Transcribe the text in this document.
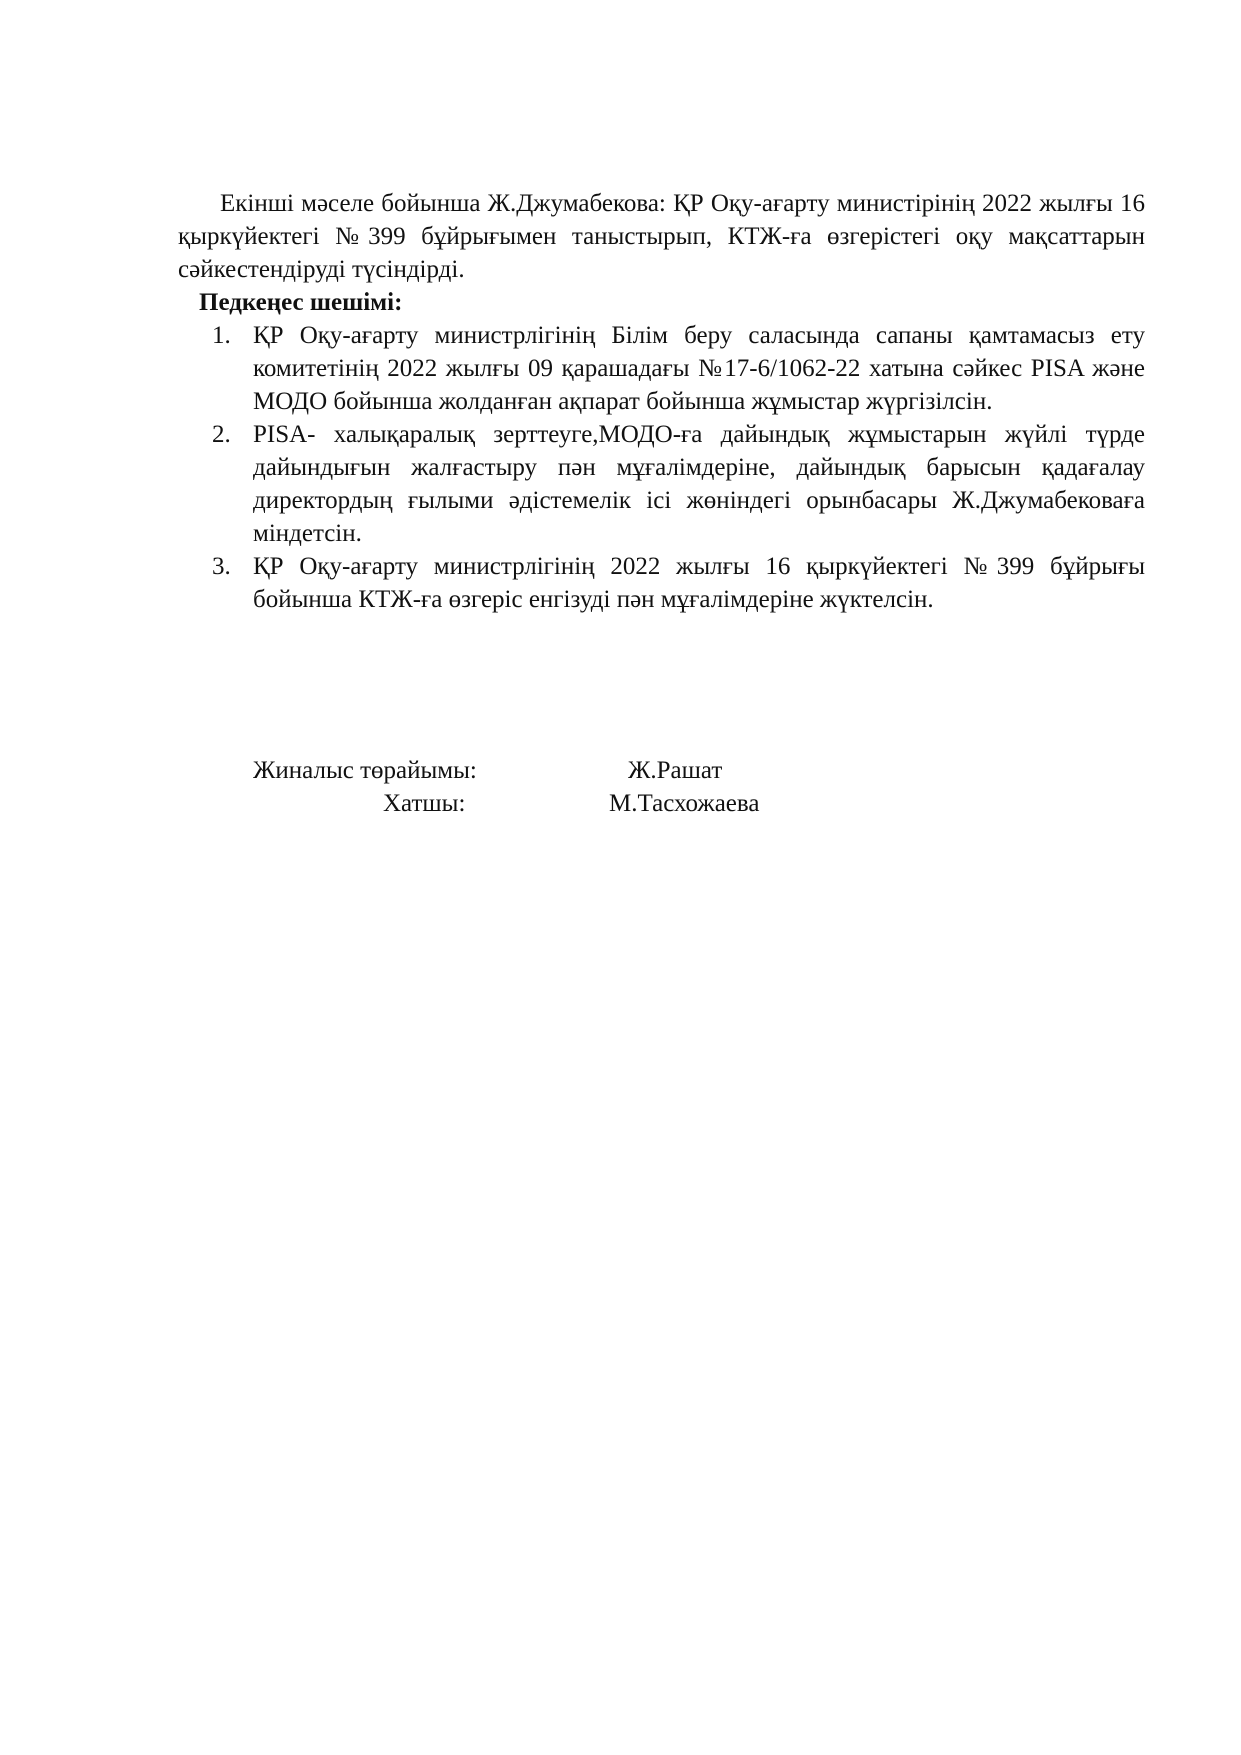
Екінші мәселе бойынша Ж.Джумабекова: ҚР Оқу-ағарту министірінің 2022 жылғы 16 қыркүйектегі №399 бұйрығымен таныстырып, КТЖ-ға өзгерістегі оқу мақсаттарын сәйкестендіруді түсіндірді.

Педкеңес шешімі:

1. ҚР Оқу-ағарту министрлігінің Білім беру саласында сапаны қамтамасыз ету комитетінің 2022 жылғы 09 қарашадағы №17-6/1062-22 хатына сәйкес PISA және МОДО бойынша жолданған ақпарат бойынша жұмыстар жүргізілсін.
2. PISA- халықаралық зерттеуге,МОДО-ға дайындық жұмыстарын жүйлі түрде дайындығын жалғастыру пән мұғалімдеріне, дайындық барысын қадағалау директордың ғылыми әдістемелік ісі жөніндегі орынбасары Ж.Джумабековаға міндетсін.
3. ҚР Оқу-ағарту министрлігінің 2022 жылғы 16 қыркүйектегі №399 бұйрығы бойынша КТЖ-ға өзгеріс енгізуді пән мұғалімдеріне жүктелсін.

Жиналыс төрайымы:	Ж.Рашат

Хатшы:	М.Тасхожаева
